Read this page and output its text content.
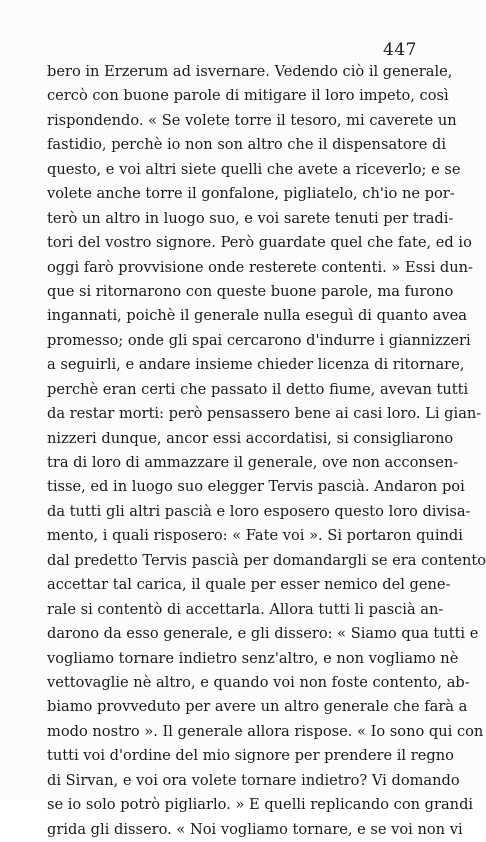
447
bero in Erzerum ad isvernare. Vedendo ciò il generale,
cercò con buone parole di mitigare il loro impeto, così
rispondendo. « Se volete torre il tesoro, mi caverete un
fastidio, perchè io non son altro che il dispensatore di
questo, e voi altri siete quelli che avete a riceverlo; e se
volete anche torre il gonfalone, pigliatelo, ch'io ne por-
terò un altro in luogo suo, e voi sarete tenuti per tradi-
tori del vostro signore. Però guardate quel che fate, ed io
oggi farò provvisione onde resterete contenti. » Essi dun-
que si ritornarono con queste buone parole, ma furono
ingannati, poichè il generale nulla eseguì di quanto avea
promesso; onde gli spai cercarono d'indurre i giannizzeri
a seguirli, e andare insieme chieder licenza di ritornare,
perchè eran certi che passato il detto fiume, avevan tutti
da restar morti: però pensassero bene ai casi loro. Li gian-
nizzeri dunque, ancor essi accordatisi, si consigliarono
tra di loro di ammazzare il generale, ove non acconsen-
tisse, ed in luogo suo elegger Tervis pascià. Andaron poi
da tutti gli altri pascià e loro esposero questo loro divisa-
mento, i quali risposero: « Fate voi ». Si portaron quindi
dal predetto Tervis pascià per domandargli se era contento
accettar tal carica, il quale per esser nemico del gene-
rale si contentò di accettarla. Allora tutti li pascià an-
darono da esso generale, e gli dissero: « Siamo qua tutti e
vogliamo tornare indietro senz'altro, e non vogliamo nè
vettovaglie nè altro, e quando voi non foste contento, ab-
biamo provveduto per avere un altro generale che farà a
modo nostro ». Il generale allora rispose. « Io sono qui con
tutti voi d'ordine del mio signore per prendere il regno
di Sirvan, e voi ora volete tornare indietro? Vi domando
se io solo potrò pigliarlo. » E quelli replicando con grandi
grida gli dissero. « Noi vogliamo tornare, e se voi non vi
